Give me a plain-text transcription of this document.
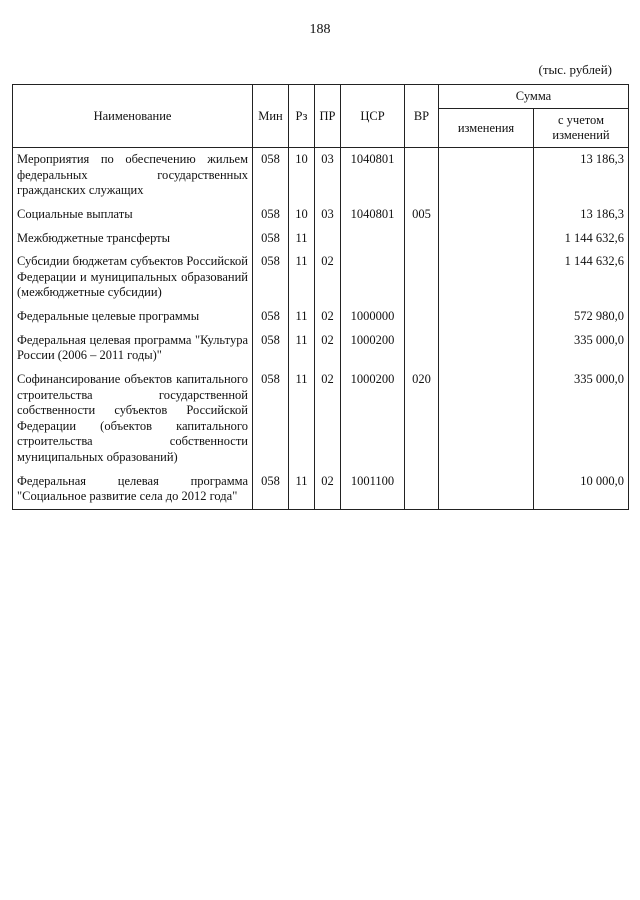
188
(тыс. рублей)
Наименование	Мин	Рз	ПР	ЦСР	ВР	Сумма	
						изменения	с учетом изменений
Мероприятия по обеспечению жильем федеральных государственных гражданских служащих	058	10	03	1040801			13 186,3
Социальные выплаты	058	10	03	1040801	005		13 186,3
Межбюджетные трансферты	058	11					1 144 632,6
Субсидии бюджетам субъектов Российской Федерации и муниципальных образований (межбюджетные субсидии)	058	11	02				1 144 632,6
Федеральные целевые программы	058	11	02	1000000			572 980,0
Федеральная целевая программа "Культура России (2006 – 2011 годы)"	058	11	02	1000200			335 000,0
Софинансирование объектов капитального строительства государственной собственности субъектов Российской Федерации (объектов капитального строительства собственности муниципальных образований)	058	11	02	1000200	020		335 000,0
Федеральная целевая программа "Социальное развитие села до 2012 года"	058	11	02	1001100			10 000,0
